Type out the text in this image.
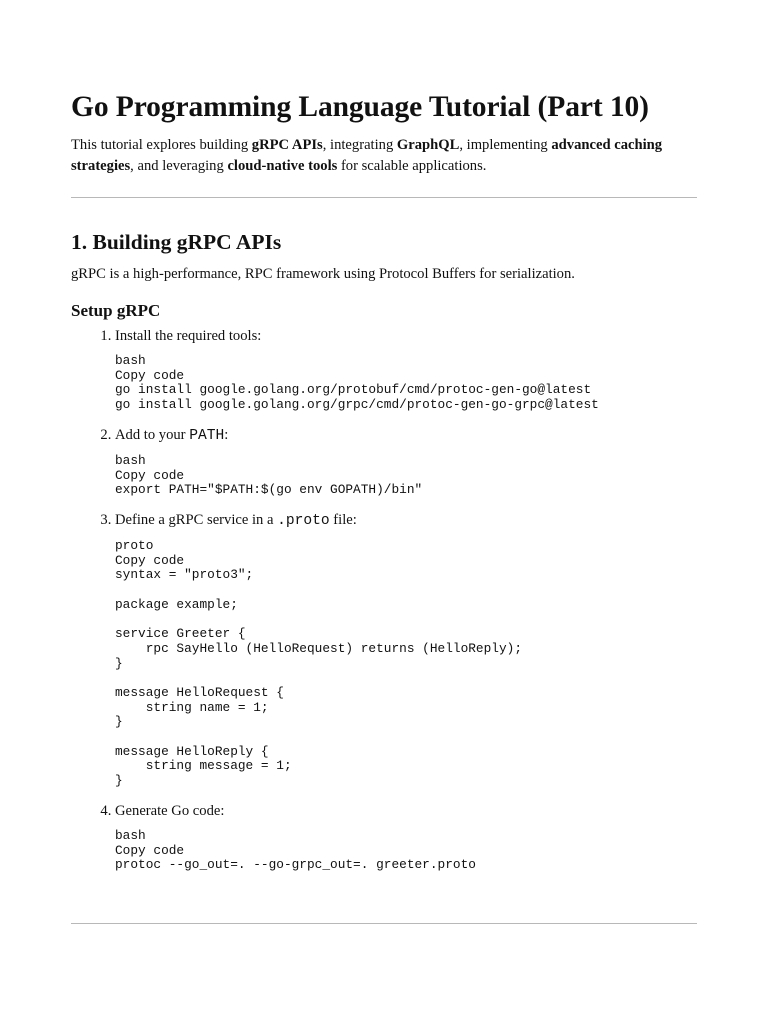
Go Programming Language Tutorial (Part 10)

This tutorial explores building gRPC APIs, integrating GraphQL, implementing advanced caching strategies, and leveraging cloud-native tools for scalable applications.

1. Building gRPC APIs

gRPC is a high-performance, RPC framework using Protocol Buffers for serialization.

Setup gRPC

1. Install the required tools:

bash
Copy code
go install google.golang.org/protobuf/cmd/protoc-gen-go@latest
go install google.golang.org/grpc/cmd/protoc-gen-go-grpc@latest

2. Add to your PATH:

bash
Copy code
export PATH="$PATH:$(go env GOPATH)/bin"

3. Define a gRPC service in a .proto file:

proto
Copy code
syntax = "proto3";
package example;
service Greeter {
rpc SayHello (HelloRequest) returns (HelloReply);
}
message HelloRequest {
string name = 1;
}
message HelloReply {
string message = 1;
}

4. Generate Go code:

bash
Copy code
protoc --go_out=. --go-grpc_out=. greeter.proto
